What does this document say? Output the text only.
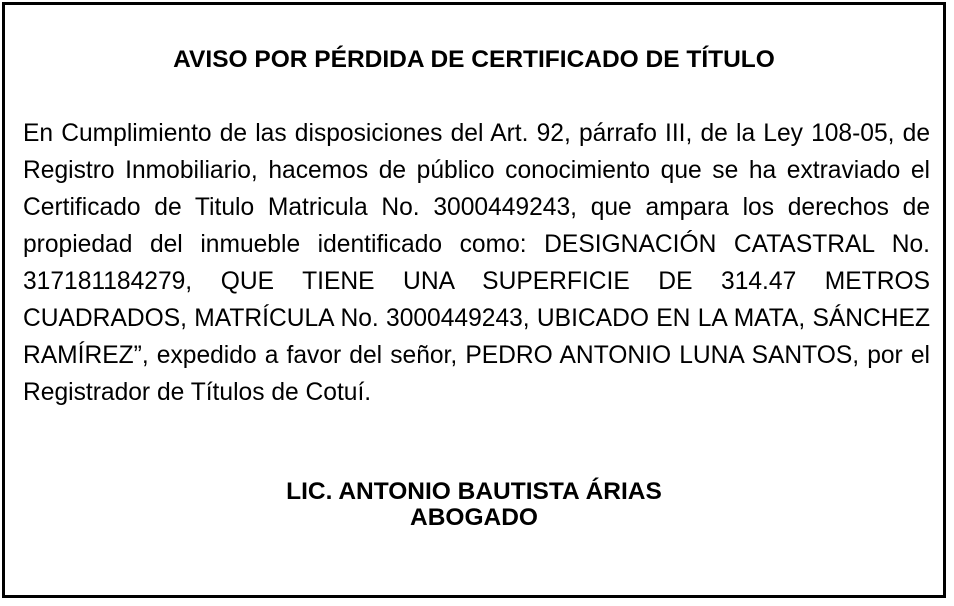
AVISO POR PÉRDIDA DE CERTIFICADO DE TÍTULO

En Cumplimiento de las disposiciones del Art. 92, párrafo III, de la Ley 108-05, de Registro Inmobiliario, hacemos de público conocimiento que se ha extraviado el Certificado de Titulo Matricula No. 3000449243, que ampara los derechos de propiedad del inmueble identificado como: DESIGNACIÓN CATASTRAL No. 317181184279, QUE TIENE UNA SUPERFICIE DE 314.47 METROS CUADRADOS, MATRÍCULA No. 3000449243, UBICADO EN LA MATA, SÁNCHEZ RAMÍREZ”, expedido a favor del señor, PEDRO ANTONIO LUNA SANTOS, por el Registrador de Títulos de Cotuí.

LIC. ANTONIO BAUTISTA ÁRIAS
ABOGADO
